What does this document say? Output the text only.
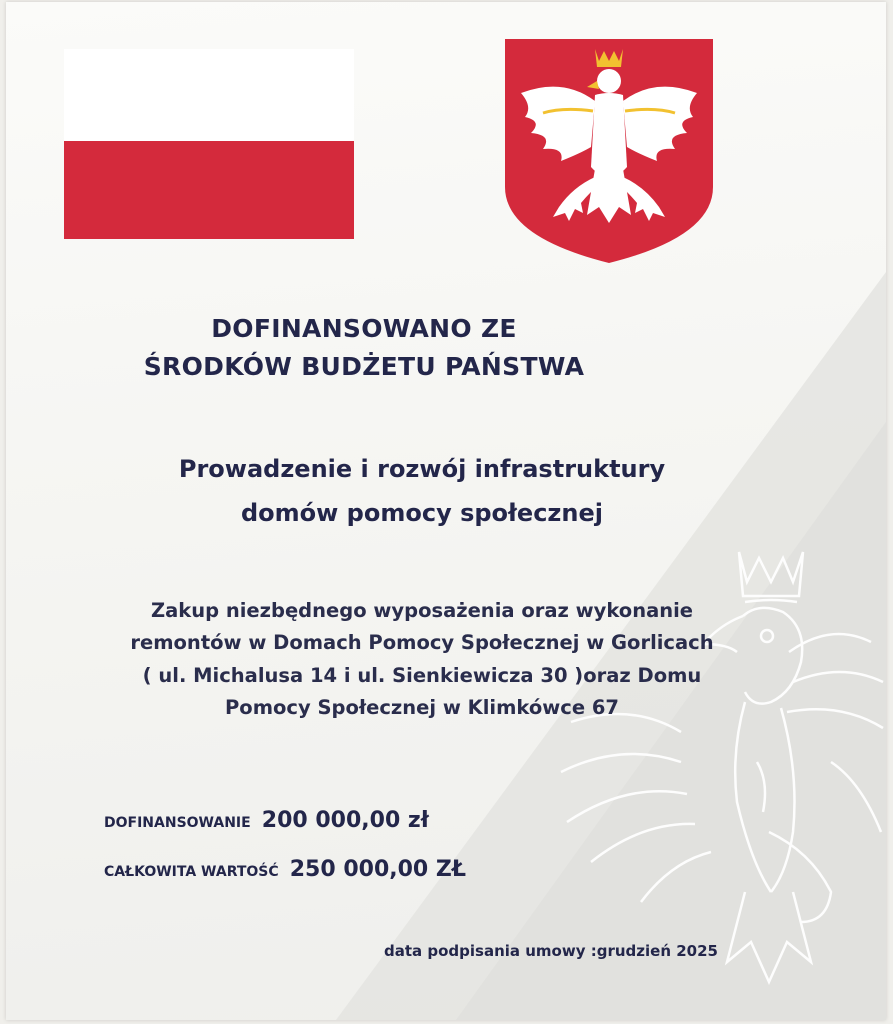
DOFINANSOWANO ZE
ŚRODKÓW BUDŻETU PAŃSTWA
Prowadzenie i rozwój infrastruktury
domów pomocy społecznej
Zakup niezbędnego wyposażenia oraz wykonanie
remontów w Domach Pomocy Społecznej w Gorlicach
( ul. Michalusa 14 i ul. Sienkiewicza 30 )oraz Domu
Pomocy Społecznej w Klimkówce 67
DOFINANSOWANIE 200 000,00 zł
CAŁKOWITA WARTOŚĆ 250 000,00 ZŁ
data podpisania umowy :grudzień 2025
